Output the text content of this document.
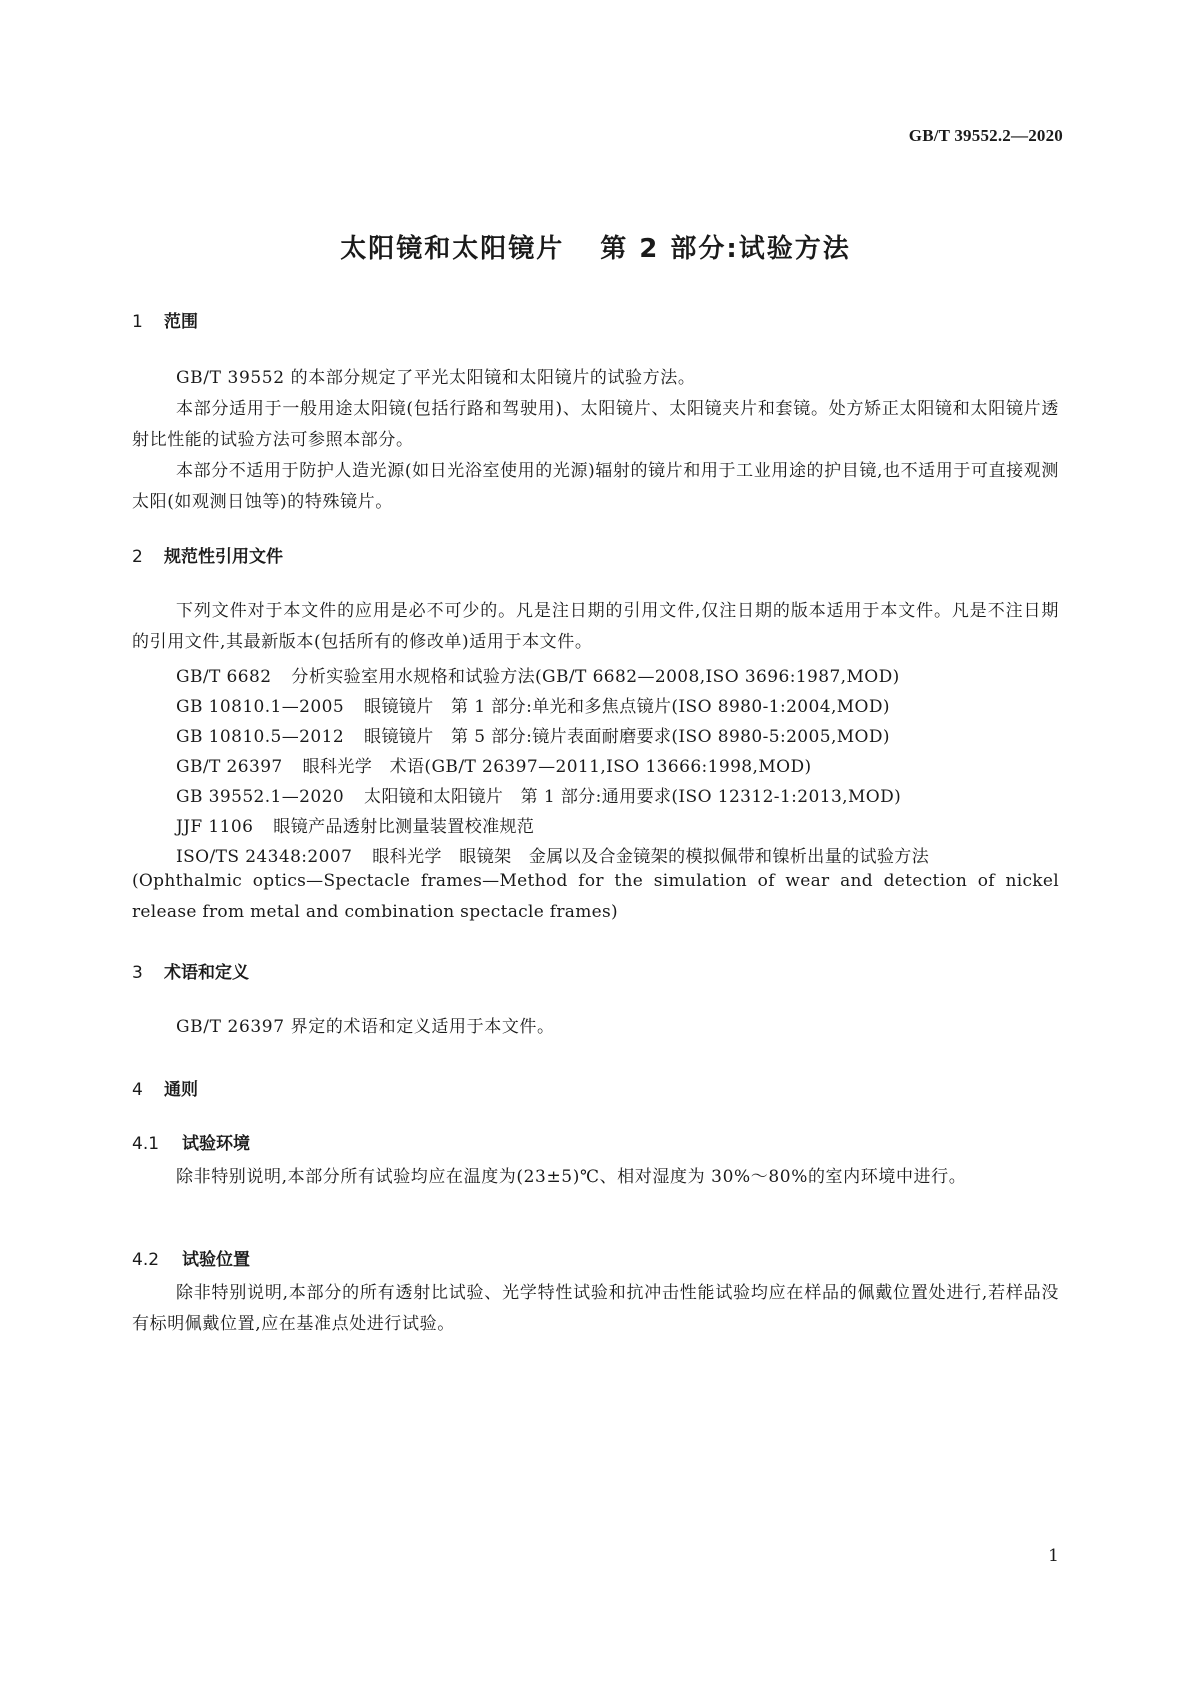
GB/T 39552.2—2020
太阳镜和太阳镜片 第 2 部分:试验方法
1 范围

GB/T 39552 的本部分规定了平光太阳镜和太阳镜片的试验方法。

本部分适用于一般用途太阳镜(包括行路和驾驶用)、太阳镜片、太阳镜夹片和套镜。处方矫正太阳镜和太阳镜片透射比性能的试验方法可参照本部分。

本部分不适用于防护人造光源(如日光浴室使用的光源)辐射的镜片和用于工业用途的护目镜,也不适用于可直接观测太阳(如观测日蚀等)的特殊镜片。

2 规范性引用文件

下列文件对于本文件的应用是必不可少的。凡是注日期的引用文件,仅注日期的版本适用于本文件。凡是不注日期的引用文件,其最新版本(包括所有的修改单)适用于本文件。

GB/T 6682 分析实验室用水规格和试验方法(GB/T 6682—2008,ISO 3696:1987,MOD)

GB 10810.1—2005 眼镜镜片　第 1 部分:单光和多焦点镜片(ISO 8980-1:2004,MOD)

GB 10810.5—2012 眼镜镜片　第 5 部分:镜片表面耐磨要求(ISO 8980-5:2005,MOD)

GB/T 26397 眼科光学　术语(GB/T 26397—2011,ISO 13666:1998,MOD)

GB 39552.1—2020 太阳镜和太阳镜片　第 1 部分:通用要求(ISO 12312-1:2013,MOD)

JJF 1106 眼镜产品透射比测量装置校准规范

ISO/TS 24348:2007 眼科光学　眼镜架　金属以及合金镜架的模拟佩带和镍析出量的试验方法

(Ophthalmic optics—Spectacle frames—Method for the simulation of wear and detection of nickel release from metal and combination spectacle frames)

3 术语和定义

GB/T 26397 界定的术语和定义适用于本文件。

4 通则
4.1 试验环境

除非特别说明,本部分所有试验均应在温度为(23±5)℃、相对湿度为 30%～80%的室内环境中进行。

4.2 试验位置

除非特别说明,本部分的所有透射比试验、光学特性试验和抗冲击性能试验均应在样品的佩戴位置处进行,若样品没有标明佩戴位置,应在基准点处进行试验。

1
